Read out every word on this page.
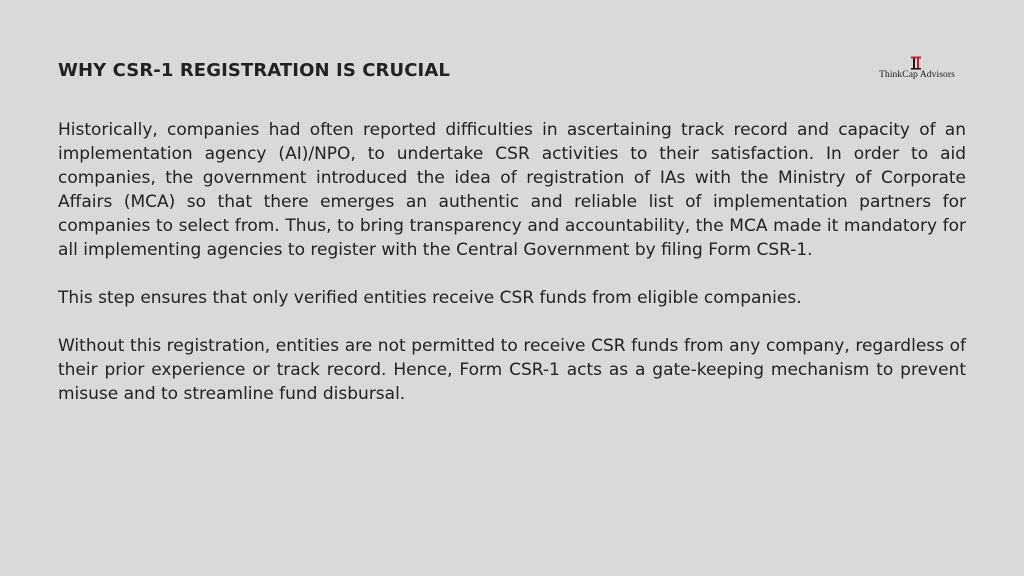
WHY CSR-1 REGISTRATION IS CRUCIAL	ThinkCap Advisors

Historically, companies had often reported difficulties in ascertaining track record and capacity of an implementation agency (AI)/NPO, to undertake CSR activities to their satisfaction. In order to aid companies, the government introduced the idea of registration of IAs with the Ministry of Corporate Affairs (MCA) so that there emerges an authentic and reliable list of implementation partners for companies to select from. Thus, to bring transparency and accountability, the MCA made it mandatory for all implementing agencies to register with the Central Government by filing Form CSR-1.

This step ensures that only verified entities receive CSR funds from eligible companies.

Without this registration, entities are not permitted to receive CSR funds from any company, regardless of their prior experience or track record. Hence, Form CSR-1 acts as a gate-keeping mechanism to prevent misuse and to streamline fund disbursal.
